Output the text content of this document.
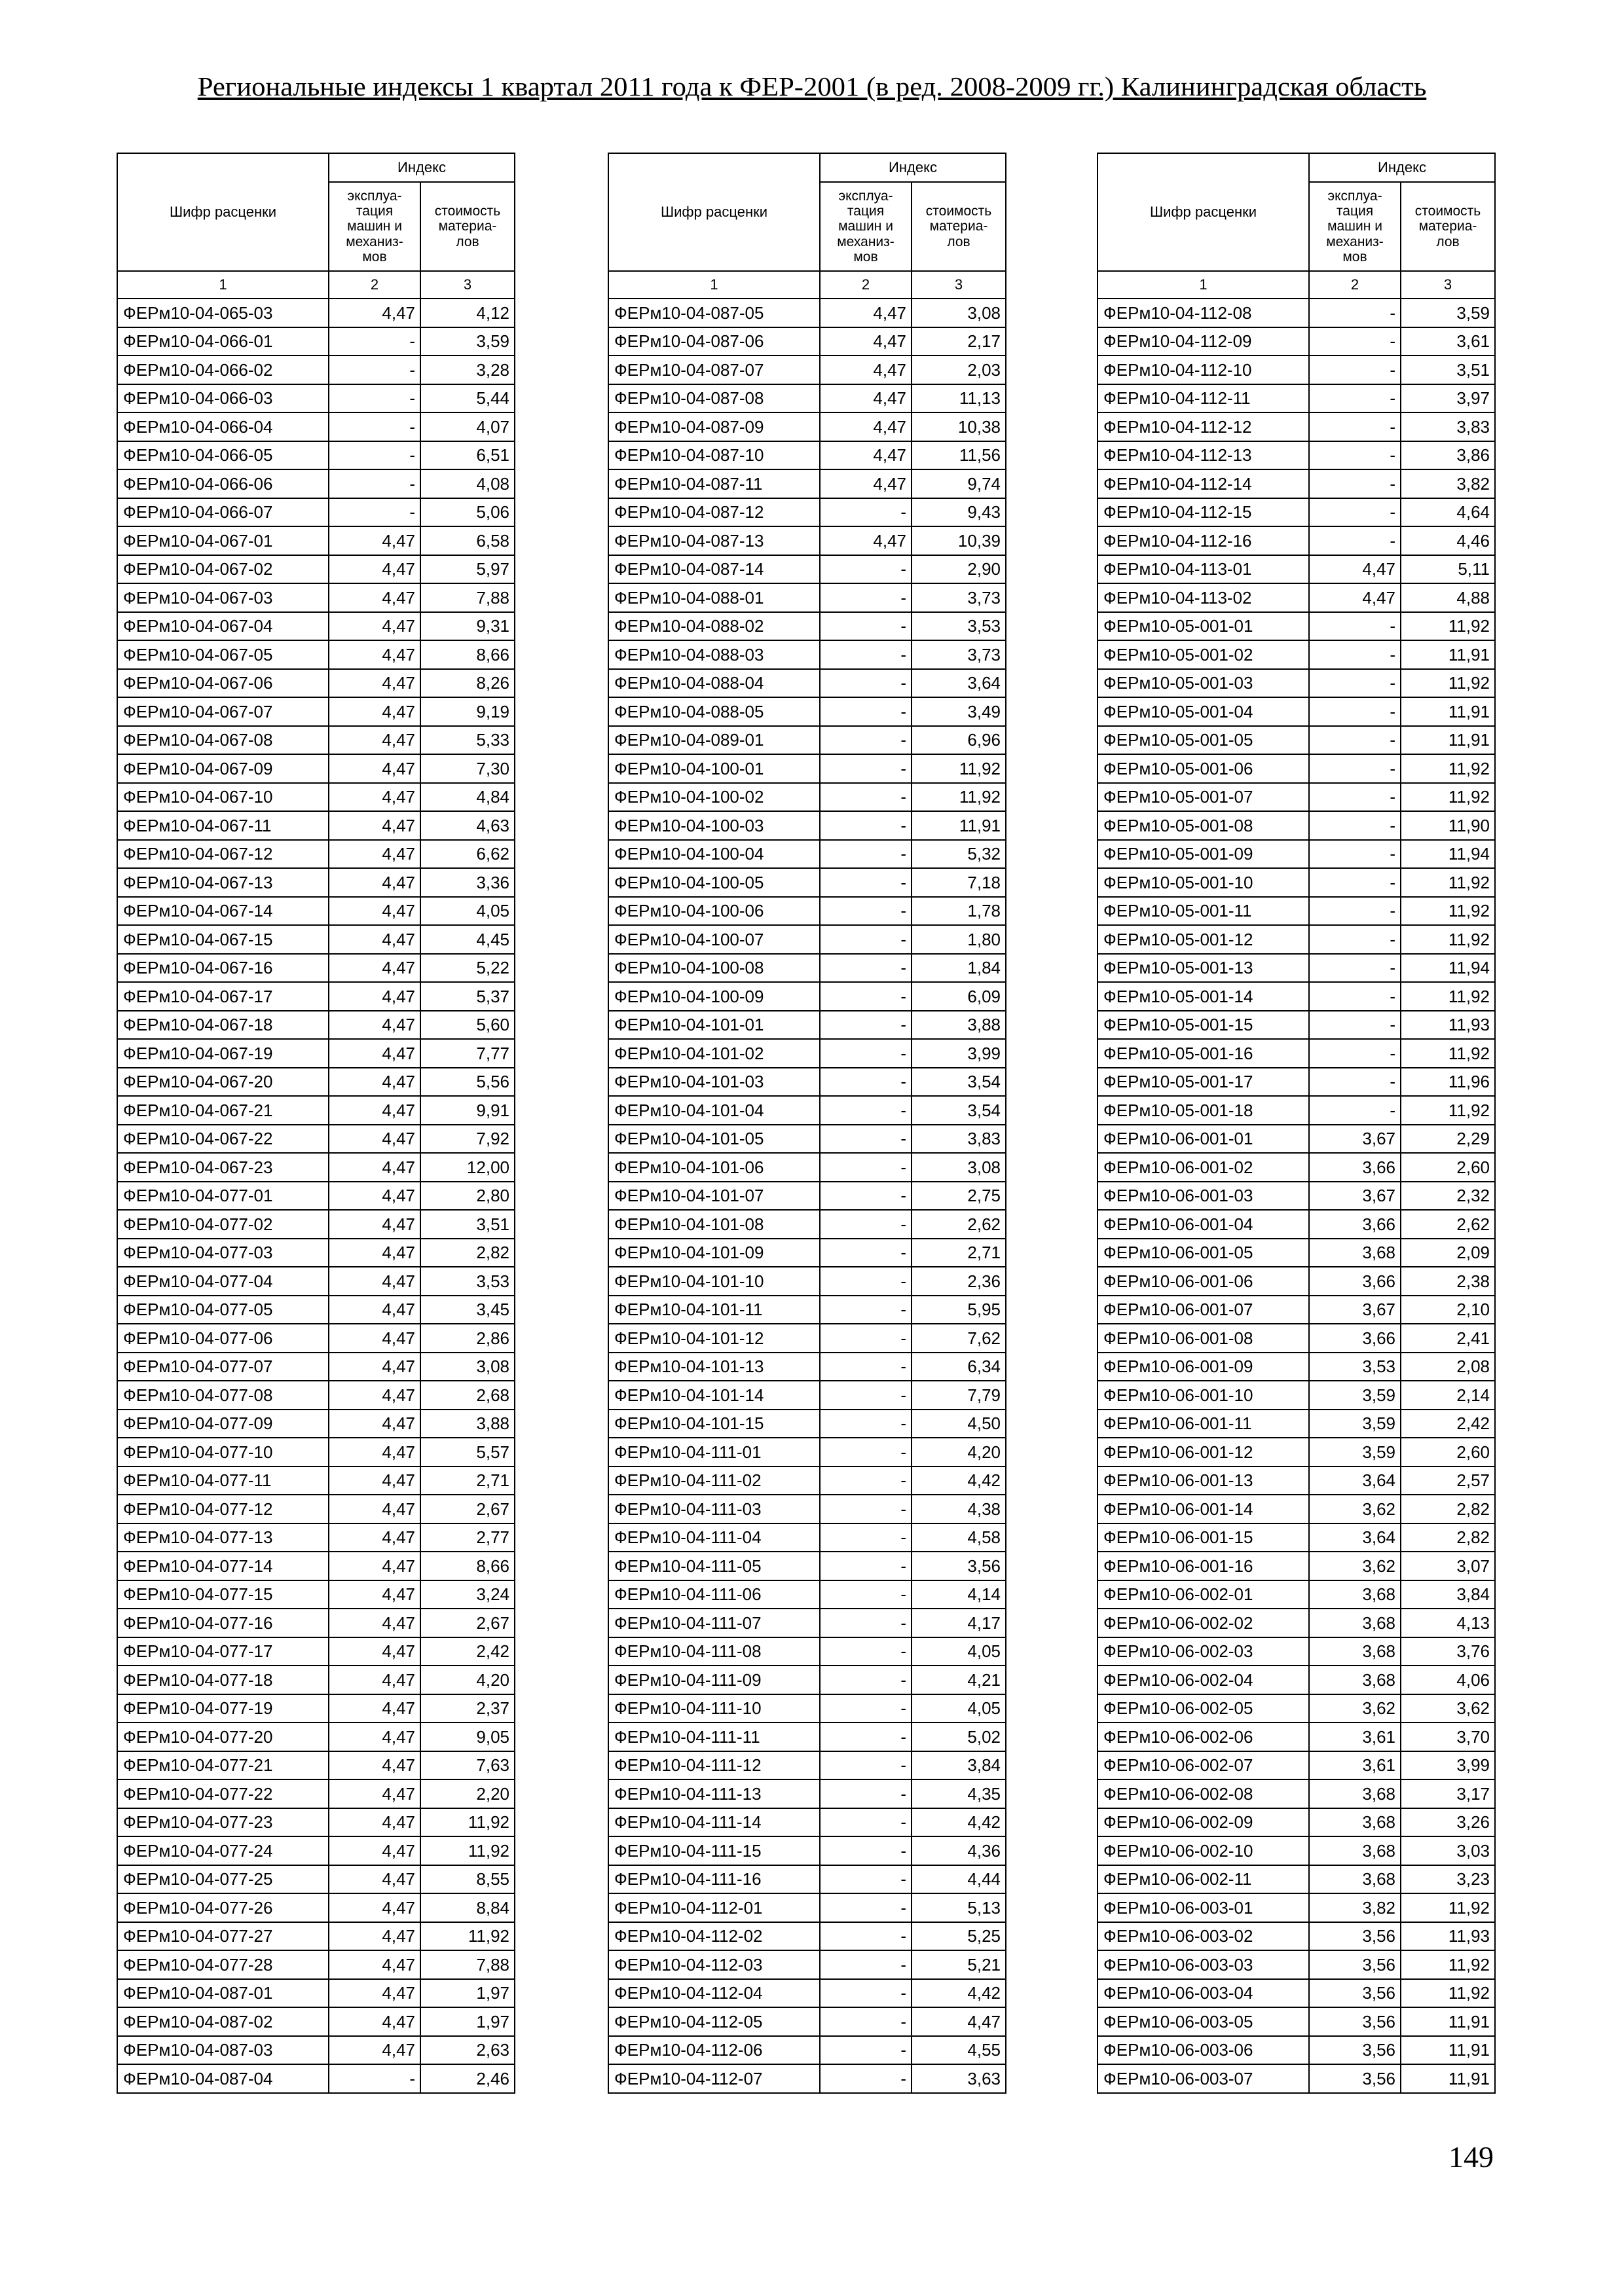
Региональные индексы 1 квартал 2011 года к ФЕР-2001 (в ред. 2008-2009 гг.) Калининградская область
Шифр расценки	Индекс	
	эксплуа-
тация
машин и
механиз-
мов	стоимость
материа-
лов
1	2	3
ФЕРм10-04-065-03	4,47	4,12
ФЕРм10-04-066-01	-	3,59
ФЕРм10-04-066-02	-	3,28
ФЕРм10-04-066-03	-	5,44
ФЕРм10-04-066-04	-	4,07
ФЕРм10-04-066-05	-	6,51
ФЕРм10-04-066-06	-	4,08
ФЕРм10-04-066-07	-	5,06
ФЕРм10-04-067-01	4,47	6,58
ФЕРм10-04-067-02	4,47	5,97
ФЕРм10-04-067-03	4,47	7,88
ФЕРм10-04-067-04	4,47	9,31
ФЕРм10-04-067-05	4,47	8,66
ФЕРм10-04-067-06	4,47	8,26
ФЕРм10-04-067-07	4,47	9,19
ФЕРм10-04-067-08	4,47	5,33
ФЕРм10-04-067-09	4,47	7,30
ФЕРм10-04-067-10	4,47	4,84
ФЕРм10-04-067-11	4,47	4,63
ФЕРм10-04-067-12	4,47	6,62
ФЕРм10-04-067-13	4,47	3,36
ФЕРм10-04-067-14	4,47	4,05
ФЕРм10-04-067-15	4,47	4,45
ФЕРм10-04-067-16	4,47	5,22
ФЕРм10-04-067-17	4,47	5,37
ФЕРм10-04-067-18	4,47	5,60
ФЕРм10-04-067-19	4,47	7,77
ФЕРм10-04-067-20	4,47	5,56
ФЕРм10-04-067-21	4,47	9,91
ФЕРм10-04-067-22	4,47	7,92
ФЕРм10-04-067-23	4,47	12,00
ФЕРм10-04-077-01	4,47	2,80
ФЕРм10-04-077-02	4,47	3,51
ФЕРм10-04-077-03	4,47	2,82
ФЕРм10-04-077-04	4,47	3,53
ФЕРм10-04-077-05	4,47	3,45
ФЕРм10-04-077-06	4,47	2,86
ФЕРм10-04-077-07	4,47	3,08
ФЕРм10-04-077-08	4,47	2,68
ФЕРм10-04-077-09	4,47	3,88
ФЕРм10-04-077-10	4,47	5,57
ФЕРм10-04-077-11	4,47	2,71
ФЕРм10-04-077-12	4,47	2,67
ФЕРм10-04-077-13	4,47	2,77
ФЕРм10-04-077-14	4,47	8,66
ФЕРм10-04-077-15	4,47	3,24
ФЕРм10-04-077-16	4,47	2,67
ФЕРм10-04-077-17	4,47	2,42
ФЕРм10-04-077-18	4,47	4,20
ФЕРм10-04-077-19	4,47	2,37
ФЕРм10-04-077-20	4,47	9,05
ФЕРм10-04-077-21	4,47	7,63
ФЕРм10-04-077-22	4,47	2,20
ФЕРм10-04-077-23	4,47	11,92
ФЕРм10-04-077-24	4,47	11,92
ФЕРм10-04-077-25	4,47	8,55
ФЕРм10-04-077-26	4,47	8,84
ФЕРм10-04-077-27	4,47	11,92
ФЕРм10-04-077-28	4,47	7,88
ФЕРм10-04-087-01	4,47	1,97
ФЕРм10-04-087-02	4,47	1,97
ФЕРм10-04-087-03	4,47	2,63
ФЕРм10-04-087-04	-	2,46
Шифр расценки	Индекс	
	эксплуа-
тация
машин и
механиз-
мов	стоимость
материа-
лов
1	2	3
ФЕРм10-04-087-05	4,47	3,08
ФЕРм10-04-087-06	4,47	2,17
ФЕРм10-04-087-07	4,47	2,03
ФЕРм10-04-087-08	4,47	11,13
ФЕРм10-04-087-09	4,47	10,38
ФЕРм10-04-087-10	4,47	11,56
ФЕРм10-04-087-11	4,47	9,74
ФЕРм10-04-087-12	-	9,43
ФЕРм10-04-087-13	4,47	10,39
ФЕРм10-04-087-14	-	2,90
ФЕРм10-04-088-01	-	3,73
ФЕРм10-04-088-02	-	3,53
ФЕРм10-04-088-03	-	3,73
ФЕРм10-04-088-04	-	3,64
ФЕРм10-04-088-05	-	3,49
ФЕРм10-04-089-01	-	6,96
ФЕРм10-04-100-01	-	11,92
ФЕРм10-04-100-02	-	11,92
ФЕРм10-04-100-03	-	11,91
ФЕРм10-04-100-04	-	5,32
ФЕРм10-04-100-05	-	7,18
ФЕРм10-04-100-06	-	1,78
ФЕРм10-04-100-07	-	1,80
ФЕРм10-04-100-08	-	1,84
ФЕРм10-04-100-09	-	6,09
ФЕРм10-04-101-01	-	3,88
ФЕРм10-04-101-02	-	3,99
ФЕРм10-04-101-03	-	3,54
ФЕРм10-04-101-04	-	3,54
ФЕРм10-04-101-05	-	3,83
ФЕРм10-04-101-06	-	3,08
ФЕРм10-04-101-07	-	2,75
ФЕРм10-04-101-08	-	2,62
ФЕРм10-04-101-09	-	2,71
ФЕРм10-04-101-10	-	2,36
ФЕРм10-04-101-11	-	5,95
ФЕРм10-04-101-12	-	7,62
ФЕРм10-04-101-13	-	6,34
ФЕРм10-04-101-14	-	7,79
ФЕРм10-04-101-15	-	4,50
ФЕРм10-04-111-01	-	4,20
ФЕРм10-04-111-02	-	4,42
ФЕРм10-04-111-03	-	4,38
ФЕРм10-04-111-04	-	4,58
ФЕРм10-04-111-05	-	3,56
ФЕРм10-04-111-06	-	4,14
ФЕРм10-04-111-07	-	4,17
ФЕРм10-04-111-08	-	4,05
ФЕРм10-04-111-09	-	4,21
ФЕРм10-04-111-10	-	4,05
ФЕРм10-04-111-11	-	5,02
ФЕРм10-04-111-12	-	3,84
ФЕРм10-04-111-13	-	4,35
ФЕРм10-04-111-14	-	4,42
ФЕРм10-04-111-15	-	4,36
ФЕРм10-04-111-16	-	4,44
ФЕРм10-04-112-01	-	5,13
ФЕРм10-04-112-02	-	5,25
ФЕРм10-04-112-03	-	5,21
ФЕРм10-04-112-04	-	4,42
ФЕРм10-04-112-05	-	4,47
ФЕРм10-04-112-06	-	4,55
ФЕРм10-04-112-07	-	3,63
Шифр расценки	Индекс	
	эксплуа-
тация
машин и
механиз-
мов	стоимость
материа-
лов
1	2	3
ФЕРм10-04-112-08	-	3,59
ФЕРм10-04-112-09	-	3,61
ФЕРм10-04-112-10	-	3,51
ФЕРм10-04-112-11	-	3,97
ФЕРм10-04-112-12	-	3,83
ФЕРм10-04-112-13	-	3,86
ФЕРм10-04-112-14	-	3,82
ФЕРм10-04-112-15	-	4,64
ФЕРм10-04-112-16	-	4,46
ФЕРм10-04-113-01	4,47	5,11
ФЕРм10-04-113-02	4,47	4,88
ФЕРм10-05-001-01	-	11,92
ФЕРм10-05-001-02	-	11,91
ФЕРм10-05-001-03	-	11,92
ФЕРм10-05-001-04	-	11,91
ФЕРм10-05-001-05	-	11,91
ФЕРм10-05-001-06	-	11,92
ФЕРм10-05-001-07	-	11,92
ФЕРм10-05-001-08	-	11,90
ФЕРм10-05-001-09	-	11,94
ФЕРм10-05-001-10	-	11,92
ФЕРм10-05-001-11	-	11,92
ФЕРм10-05-001-12	-	11,92
ФЕРм10-05-001-13	-	11,94
ФЕРм10-05-001-14	-	11,92
ФЕРм10-05-001-15	-	11,93
ФЕРм10-05-001-16	-	11,92
ФЕРм10-05-001-17	-	11,96
ФЕРм10-05-001-18	-	11,92
ФЕРм10-06-001-01	3,67	2,29
ФЕРм10-06-001-02	3,66	2,60
ФЕРм10-06-001-03	3,67	2,32
ФЕРм10-06-001-04	3,66	2,62
ФЕРм10-06-001-05	3,68	2,09
ФЕРм10-06-001-06	3,66	2,38
ФЕРм10-06-001-07	3,67	2,10
ФЕРм10-06-001-08	3,66	2,41
ФЕРм10-06-001-09	3,53	2,08
ФЕРм10-06-001-10	3,59	2,14
ФЕРм10-06-001-11	3,59	2,42
ФЕРм10-06-001-12	3,59	2,60
ФЕРм10-06-001-13	3,64	2,57
ФЕРм10-06-001-14	3,62	2,82
ФЕРм10-06-001-15	3,64	2,82
ФЕРм10-06-001-16	3,62	3,07
ФЕРм10-06-002-01	3,68	3,84
ФЕРм10-06-002-02	3,68	4,13
ФЕРм10-06-002-03	3,68	3,76
ФЕРм10-06-002-04	3,68	4,06
ФЕРм10-06-002-05	3,62	3,62
ФЕРм10-06-002-06	3,61	3,70
ФЕРм10-06-002-07	3,61	3,99
ФЕРм10-06-002-08	3,68	3,17
ФЕРм10-06-002-09	3,68	3,26
ФЕРм10-06-002-10	3,68	3,03
ФЕРм10-06-002-11	3,68	3,23
ФЕРм10-06-003-01	3,82	11,92
ФЕРм10-06-003-02	3,56	11,93
ФЕРм10-06-003-03	3,56	11,92
ФЕРм10-06-003-04	3,56	11,92
ФЕРм10-06-003-05	3,56	11,91
ФЕРм10-06-003-06	3,56	11,91
ФЕРм10-06-003-07	3,56	11,91
149
